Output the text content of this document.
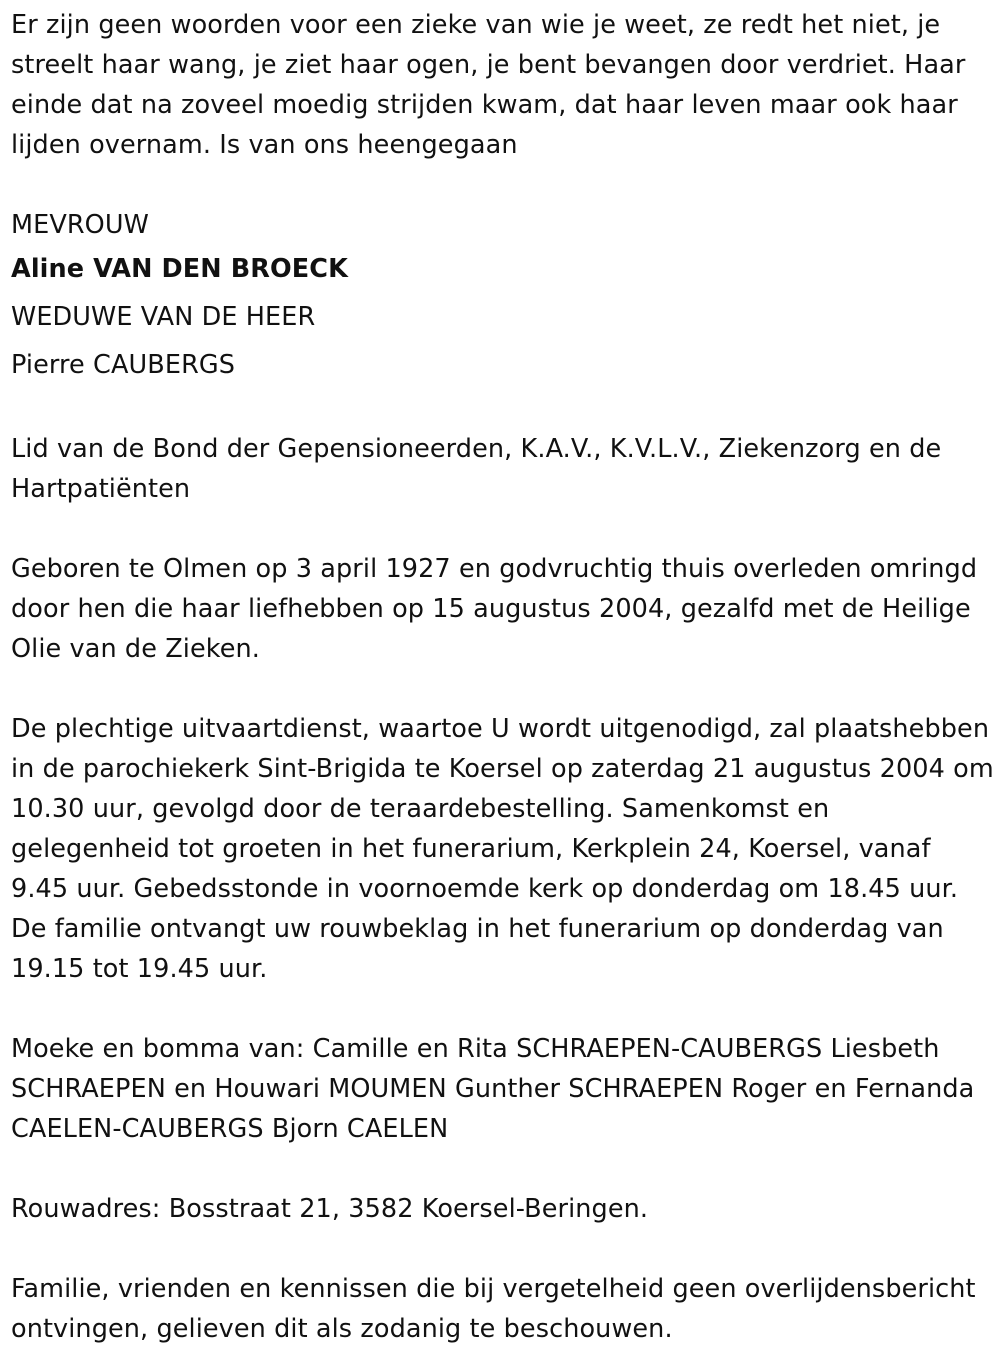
Er zijn geen woorden voor een zieke van wie je weet, ze redt het niet, je streelt haar wang, je ziet haar ogen, je bent bevangen door verdriet. Haar einde dat na zoveel moedig strijden kwam, dat haar leven maar ook haar lijden overnam. Is van ons heengegaan

MEVROUW

Aline VAN DEN BROECK

WEDUWE VAN DE HEER

Pierre CAUBERGS

Lid van de Bond der Gepensioneerden, K.A.V., K.V.L.V., Ziekenzorg en de Hartpatiënten

Geboren te Olmen op 3 april 1927 en godvruchtig thuis overleden omringd door hen die haar liefhebben op 15 augustus 2004, gezalfd met de Heilige Olie van de Zieken.

De plechtige uitvaartdienst, waartoe U wordt uitgenodigd, zal plaatshebben in de parochiekerk Sint-Brigida te Koersel op zaterdag 21 augustus 2004 om 10.30 uur, gevolgd door de teraardebestelling. Samenkomst en gelegenheid tot groeten in het funerarium, Kerkplein 24, Koersel, vanaf 9.45 uur. Gebedsstonde in voornoemde kerk op donderdag om 18.45 uur. De familie ontvangt uw rouwbeklag in het funerarium op donderdag van 19.15 tot 19.45 uur.

Moeke en bomma van: Camille en Rita SCHRAEPEN-CAUBERGS Liesbeth SCHRAEPEN en Houwari MOUMEN Gunther SCHRAEPEN Roger en Fernanda CAELEN-CAUBERGS Bjorn CAELEN

Rouwadres: Bosstraat 21, 3582 Koersel-Beringen.

Familie, vrienden en kennissen die bij vergetelheid geen overlijdensbericht ontvingen, gelieven dit als zodanig te beschouwen.
